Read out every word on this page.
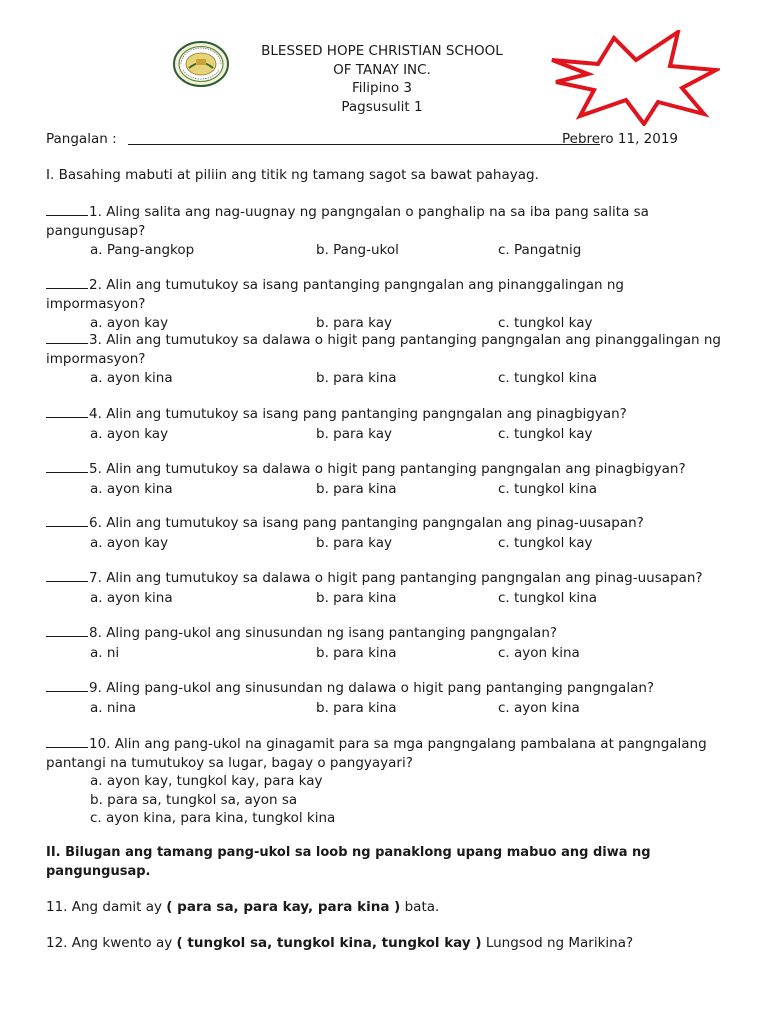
BLESSED HOPE CHRISTIAN SCHOOL
OF TANAY INC.
Filipino 3
Pagsusulit 1
Pangalan :	Pebrero 11, 2019
I. Basahing mabuti at piliin ang titik ng tamang sagot sa bawat pahayag.
1. Aling salita ang nag-uugnay ng pangngalan o panghalip na sa iba pang salita sa
pangungusap?
a. Pang-angkop	b. Pang-ukol	c. Pangatnig
2. Alin ang tumutukoy sa isang pantanging pangngalan ang pinanggalingan ng impormasyon?
a. ayon kay	b. para kay	c. tungkol kay
3. Alin ang tumutukoy sa dalawa o higit pang pantanging pangngalan ang pinanggalingan ng
impormasyon?
a. ayon kina	b. para kina	c. tungkol kina
4. Alin ang tumutukoy sa isang pang pantanging pangngalan ang pinagbigyan?
a. ayon kay	b. para kay	c. tungkol kay
5. Alin ang tumutukoy sa dalawa o higit pang pantanging pangngalan ang pinagbigyan?
a. ayon kina	b. para kina	c. tungkol kina
6. Alin ang tumutukoy sa isang pang pantanging pangngalan ang pinag-uusapan?
a. ayon kay	b. para kay	c. tungkol kay
7. Alin ang tumutukoy sa dalawa o higit pang pantanging pangngalan ang pinag-uusapan?
a. ayon kina	b. para kina	c. tungkol kina
8. Aling pang-ukol ang sinusundan ng isang pantanging pangngalan?
a. ni	b. para kina	c. ayon kina
9. Aling pang-ukol ang sinusundan ng dalawa o higit pang pantanging pangngalan?
a. nina	b. para kina	c. ayon kina
10. Alin ang pang-ukol na ginagamit para sa mga pangngalang pambalana at pangngalang
pantangi na tumutukoy sa lugar, bagay o pangyayari?
a. ayon kay, tungkol kay, para kay
b. para sa, tungkol sa, ayon sa
c. ayon kina, para kina, tungkol kina
II. Bilugan ang tamang pang-ukol sa loob ng panaklong upang mabuo ang diwa ng
pangungusap.
11. Ang damit ay ( para sa, para kay, para kina ) bata.
12. Ang kwento ay ( tungkol sa, tungkol kina, tungkol kay ) Lungsod ng Marikina?
